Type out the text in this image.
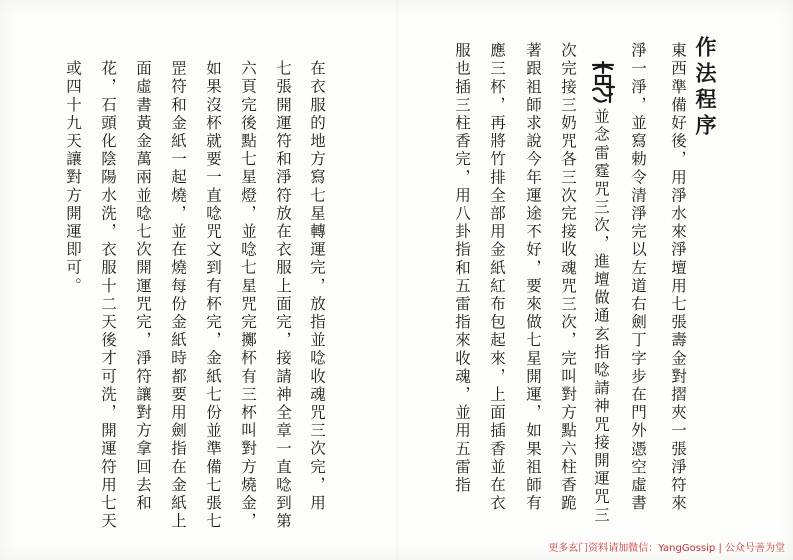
作法程序
東西準備好後，用淨水來淨壇用七張壽金對摺夾一張淨符來
淨一淨，並寫勅令清淨完以左道右劍丁字步在門外憑空虛書
並念雷霆咒三次，進壇做通玄指唸請神咒接開運咒三
次完接三奶咒各三次完接收魂咒三次，完叫對方點六柱香跪
著跟祖師求說今年運途不好，要來做七星開運，如果祖師有
應三杯，再將竹排全部用金紙紅布包起來，上面插香並在衣
服也插三柱香完，用八卦指和五雷指來收魂，並用五雷指
在衣服的地方寫七星轉運完，放指並唸收魂咒三次完，用
七張開運符和淨符放在衣服上面完，接請神全章一直唸到第
六頁完後點七星燈，並唸七星咒完擲杯有三杯叫對方燒金，
如果沒杯就要一直唸咒文到有杯完，金紙七份並準備七張七
罡符和金紙一起燒，並在燒每份金紙時都要用劍指在金紙上
面虛書黃金萬兩並唸七次開運咒完，淨符讓對方拿回去和
花，石頭化陰陽水洗，衣服十二天後才可洗，開運符用七天
或四十九天讓對方開運即可。
更多玄门资料请加微信：YangGossip | 公众号善为堂
